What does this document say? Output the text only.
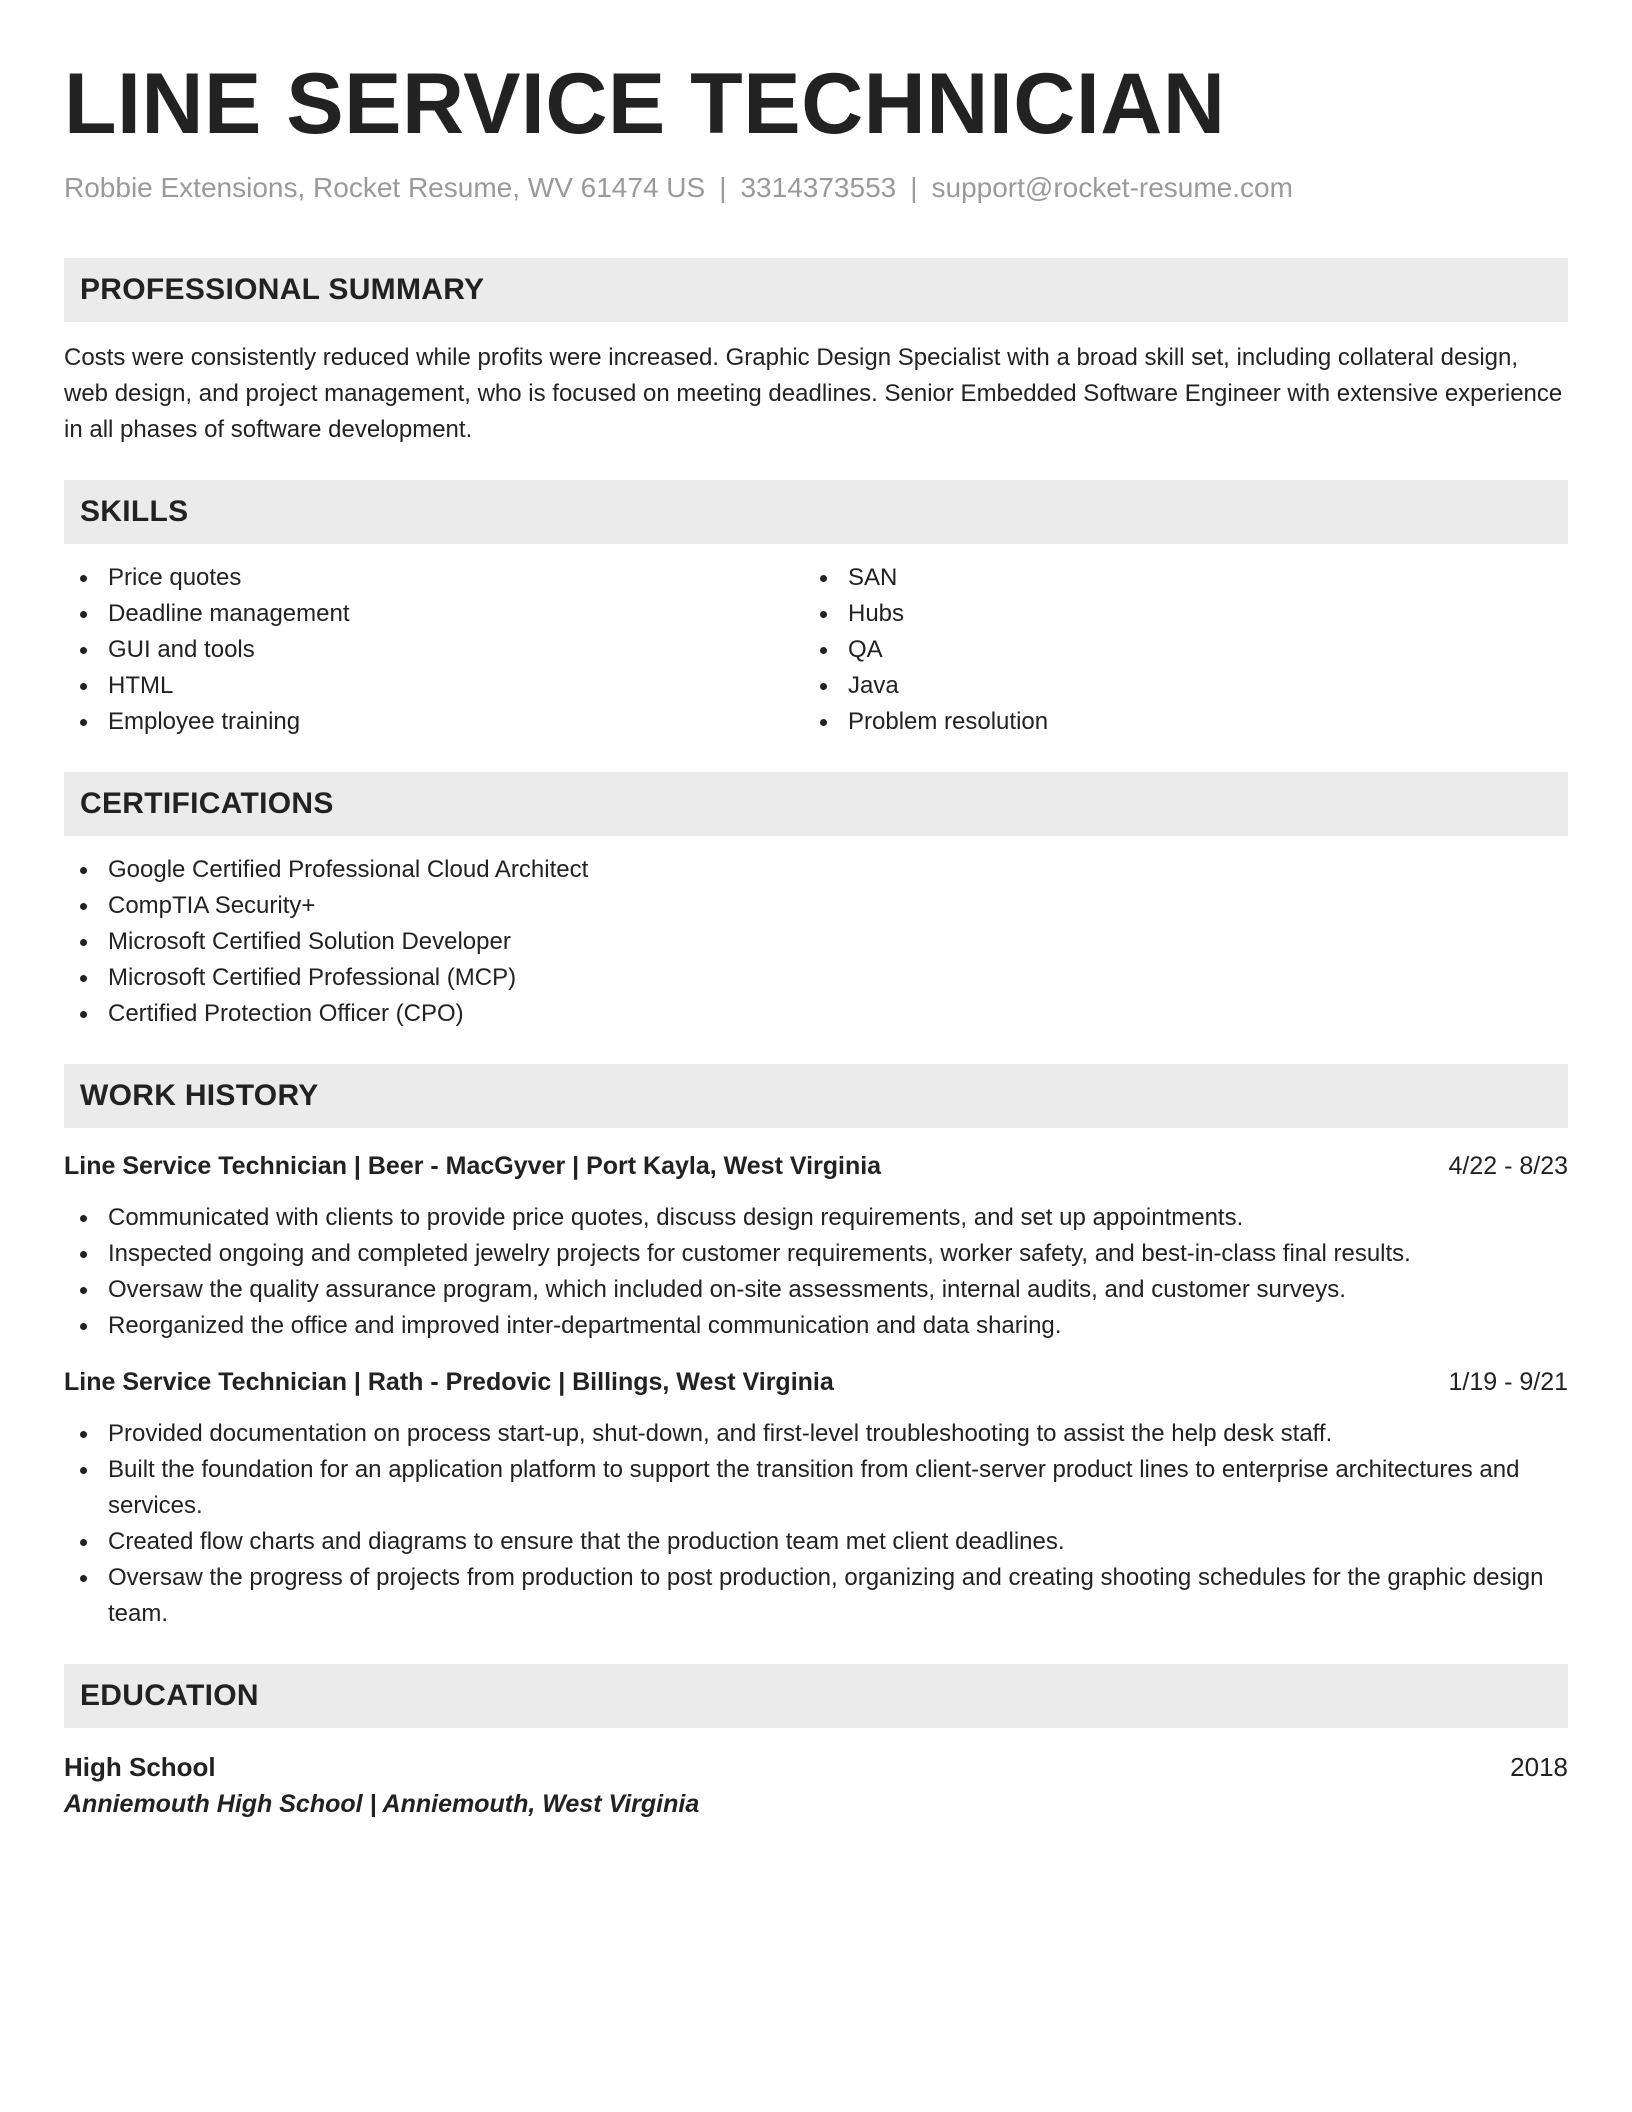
LINE SERVICE TECHNICIAN
Robbie Extensions, Rocket Resume, WV 61474 US | 3314373553 | support@rocket-resume.com
PROFESSIONAL SUMMARY
Costs were consistently reduced while profits were increased. Graphic Design Specialist with a broad skill set, including collateral design, web design, and project management, who is focused on meeting deadlines. Senior Embedded Software Engineer with extensive experience in all phases of software development.
SKILLS
Price quotes
Deadline management
GUI and tools
HTML
Employee training
SAN
Hubs
QA
Java
Problem resolution
CERTIFICATIONS
Google Certified Professional Cloud Architect
CompTIA Security+
Microsoft Certified Solution Developer
Microsoft Certified Professional (MCP)
Certified Protection Officer (CPO)
WORK HISTORY
Line Service Technician | Beer - MacGyver | Port Kayla, West Virginia	4/22 - 8/23
Communicated with clients to provide price quotes, discuss design requirements, and set up appointments.
Inspected ongoing and completed jewelry projects for customer requirements, worker safety, and best-in-class final results.
Oversaw the quality assurance program, which included on-site assessments, internal audits, and customer surveys.
Reorganized the office and improved inter-departmental communication and data sharing.
Line Service Technician | Rath - Predovic | Billings, West Virginia	1/19 - 9/21
Provided documentation on process start-up, shut-down, and first-level troubleshooting to assist the help desk staff.
Built the foundation for an application platform to support the transition from client-server product lines to enterprise architectures and services.
Created flow charts and diagrams to ensure that the production team met client deadlines.
Oversaw the progress of projects from production to post production, organizing and creating shooting schedules for the graphic design team.
EDUCATION
High School	2018
Anniemouth High School | Anniemouth, West Virginia
